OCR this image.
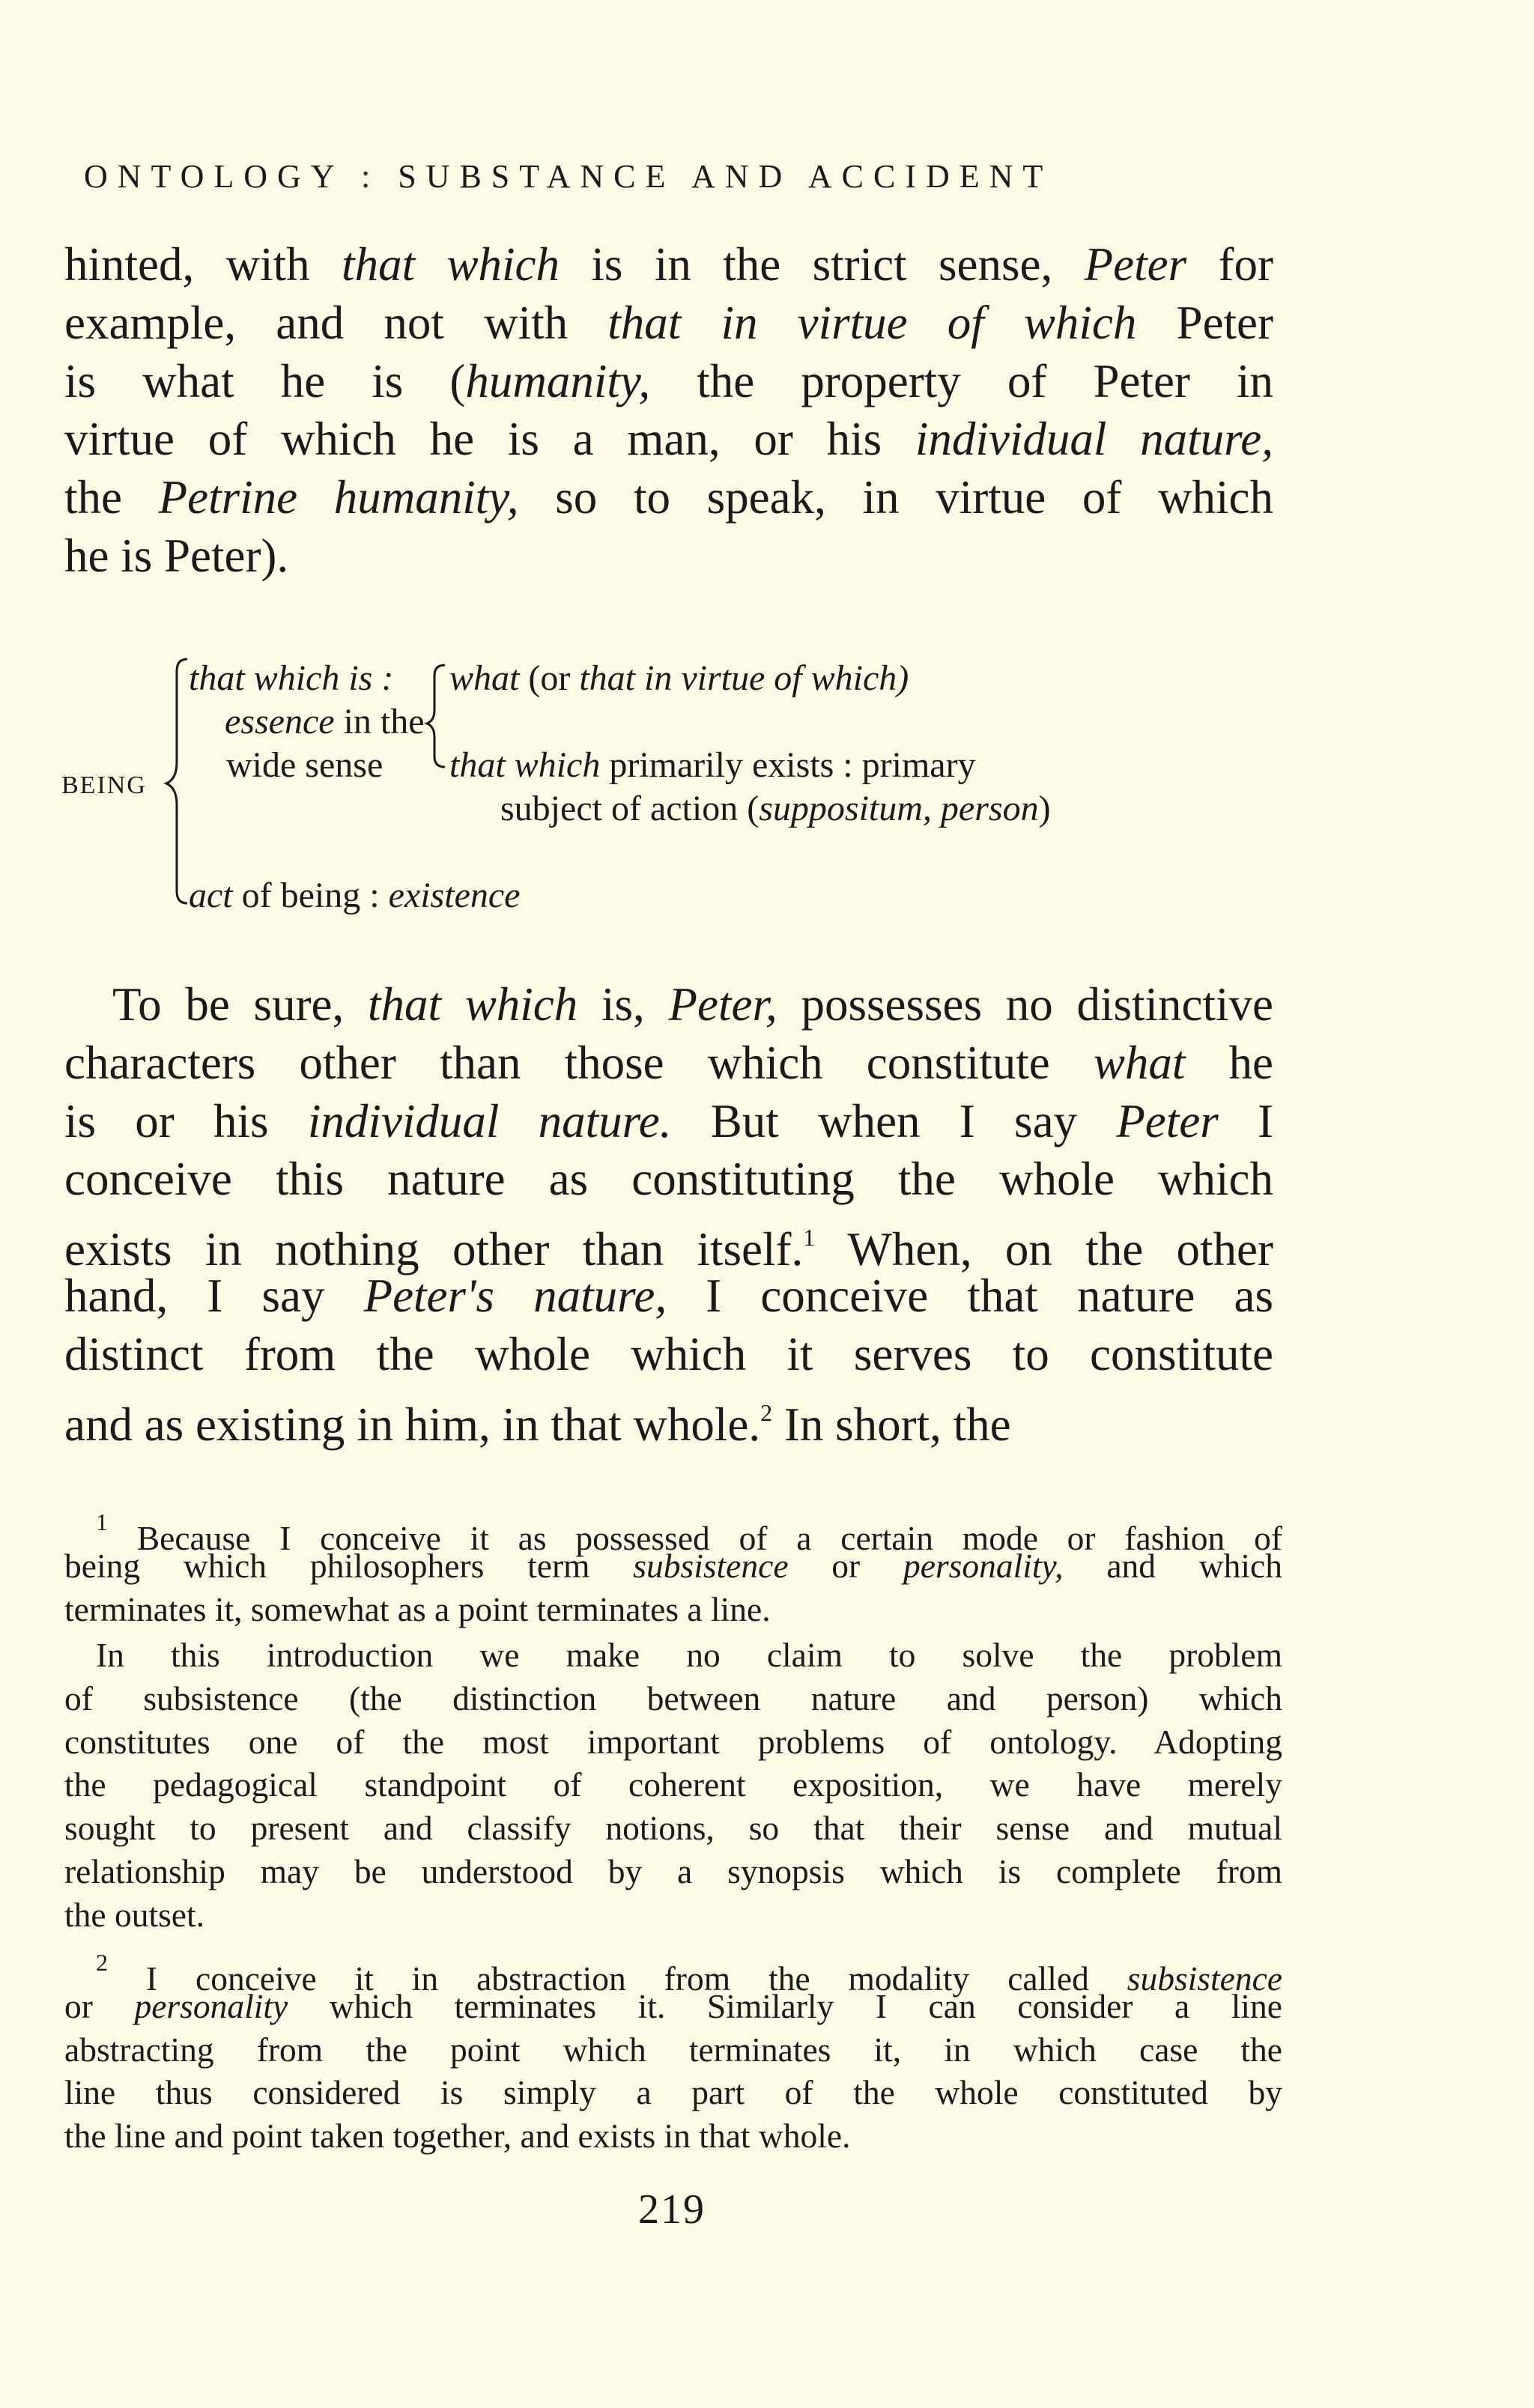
ONTOLOGY : SUBSTANCE AND ACCIDENT
hinted, with that which is in the strict sense, Peter for
example, and not with that in virtue of which Peter
is what he is (humanity, the property of Peter in
virtue of which he is a man, or his individual nature,
the Petrine humanity, so to speak, in virtue of which
he is Peter).
BEING
that which is :
essence in the
wide sense
what (or that in virtue of which)
that which primarily exists : primary
subject of action (suppositum, person)
act of being : existence
To be sure, that which is, Peter, possesses no distinctive
characters other than those which constitute what he
is or his individual nature. But when I say Peter I
conceive this nature as constituting the whole which
exists in nothing other than itself.$^1$ When, on the other
hand, I say Peter's nature, I conceive that nature as
distinct from the whole which it serves to constitute
and as existing in him, in that whole.$^2$ In short, the
$^1$ Because I conceive it as possessed of a certain mode or fashion of
being which philosophers term subsistence or personality, and which
terminates it, somewhat as a point terminates a line.
In this introduction we make no claim to solve the problem
of subsistence (the distinction between nature and person) which
constitutes one of the most important problems of ontology. Adopting
the pedagogical standpoint of coherent exposition, we have merely
sought to present and classify notions, so that their sense and mutual
relationship may be understood by a synopsis which is complete from
the outset.
$^2$ I conceive it in abstraction from the modality called subsistence
or personality which terminates it. Similarly I can consider a line
abstracting from the point which terminates it, in which case the
line thus considered is simply a part of the whole constituted by
the line and point taken together, and exists in that whole.
219
